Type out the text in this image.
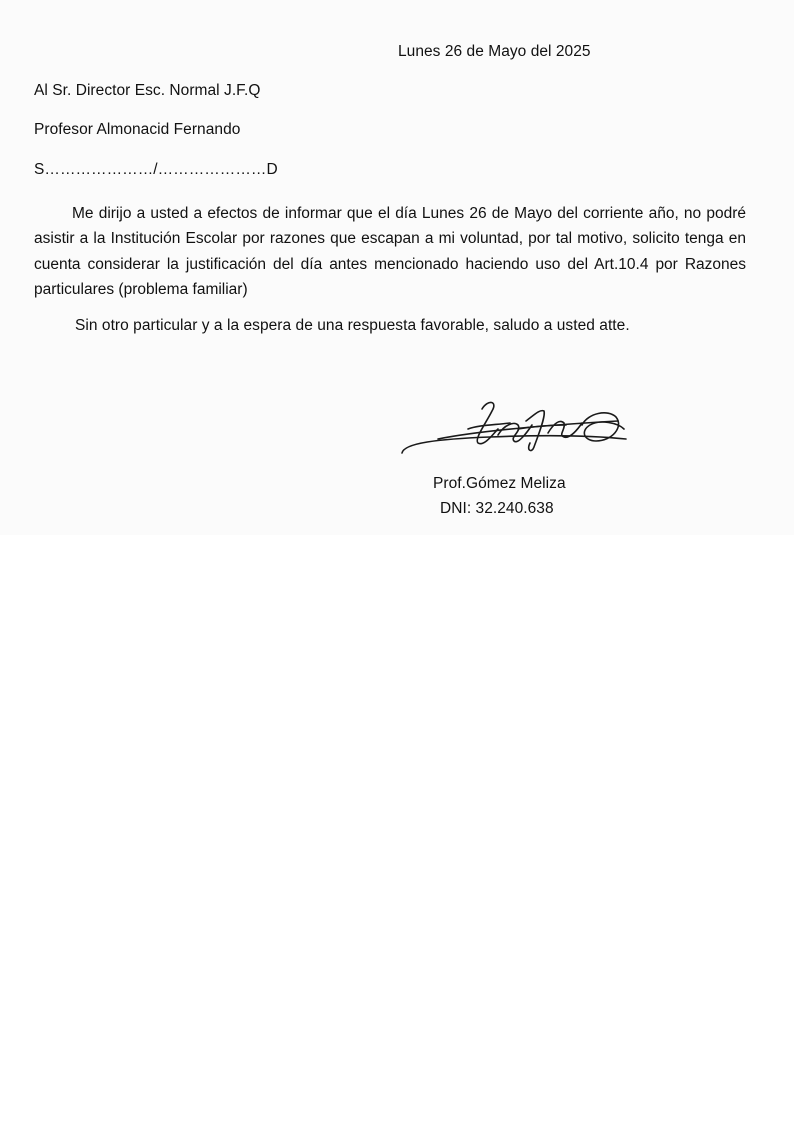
Lunes 26 de Mayo del 2025
Al Sr. Director Esc. Normal J.F.Q
Profesor Almonacid Fernando
S…………………/…………………D

Me dirijo a usted a efectos de informar que el día Lunes 26 de Mayo del corriente año, no podré asistir a la Institución Escolar por razones que escapan a mi voluntad, por tal motivo, solicito tenga en cuenta considerar la justificación del día antes mencionado haciendo uso del Art.10.4 por Razones particulares (problema familiar)

Sin otro particular y a la espera de una respuesta favorable, saludo a usted atte.
Prof.Gómez Meliza
DNI: 32.240.638
